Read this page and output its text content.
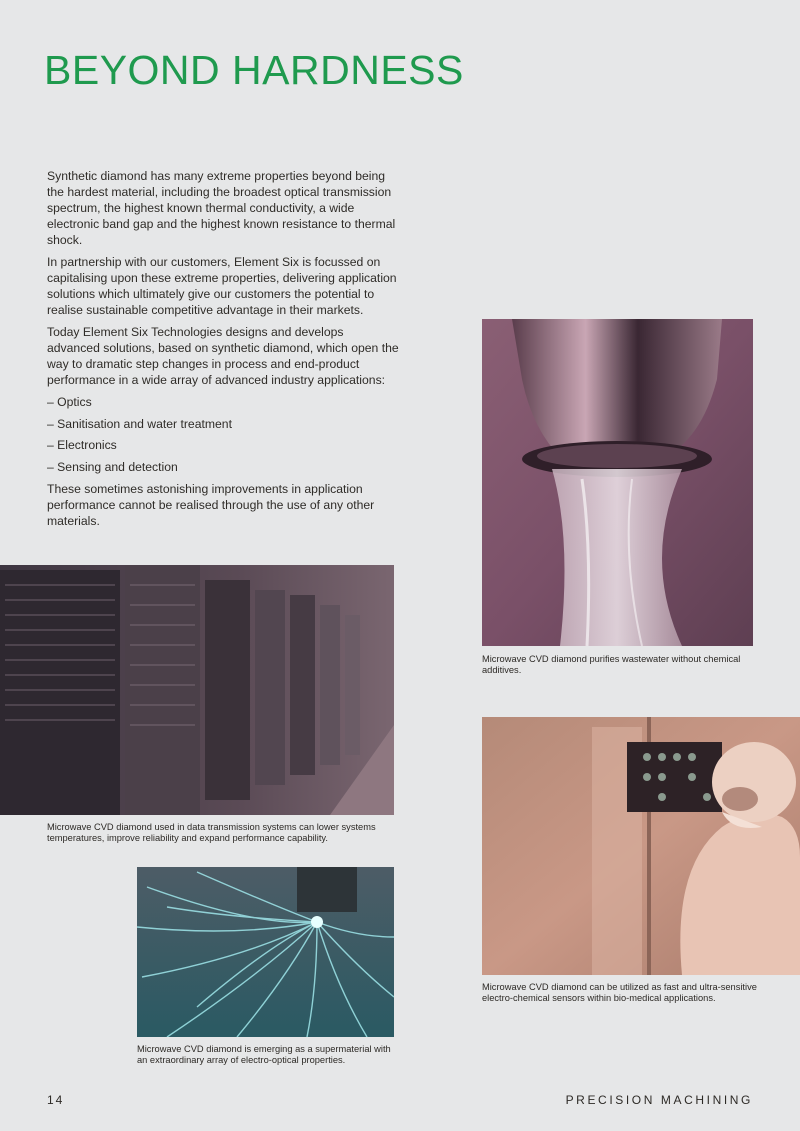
BEYOND HARDNESS

Synthetic diamond has many extreme properties beyond being the hardest material, including the broadest optical transmission spectrum, the highest known thermal conductivity, a wide electronic band gap and the highest known resistance to thermal shock.

In partnership with our customers, Element Six is focussed on capitalising upon these extreme properties, delivering application solutions which ultimately give our customers the potential to realise sustainable competitive advantage in their markets.

Today Element Six Technologies designs and develops advanced solutions, based on synthetic diamond, which open the way to dramatic step changes in process and end-product performance in a wide array of advanced industry applications:

– Optics
– Sanitisation and water treatment
– Electronics
– Sensing and detection

These sometimes astonishing improvements in application performance cannot be realised through the use of any other materials.

Microwave CVD diamond purifies wastewater without chemical additives.
Microwave CVD diamond used in data transmission systems can lower systems temperatures, improve reliability and expand performance capability.
Microwave CVD diamond can be utilized as fast and ultra-sensitive electro-chemical sensors within bio-medical applications.
Microwave CVD diamond is emerging as a supermaterial with an extraordinary array of electro-optical properties.
14	PRECISION MACHINING
